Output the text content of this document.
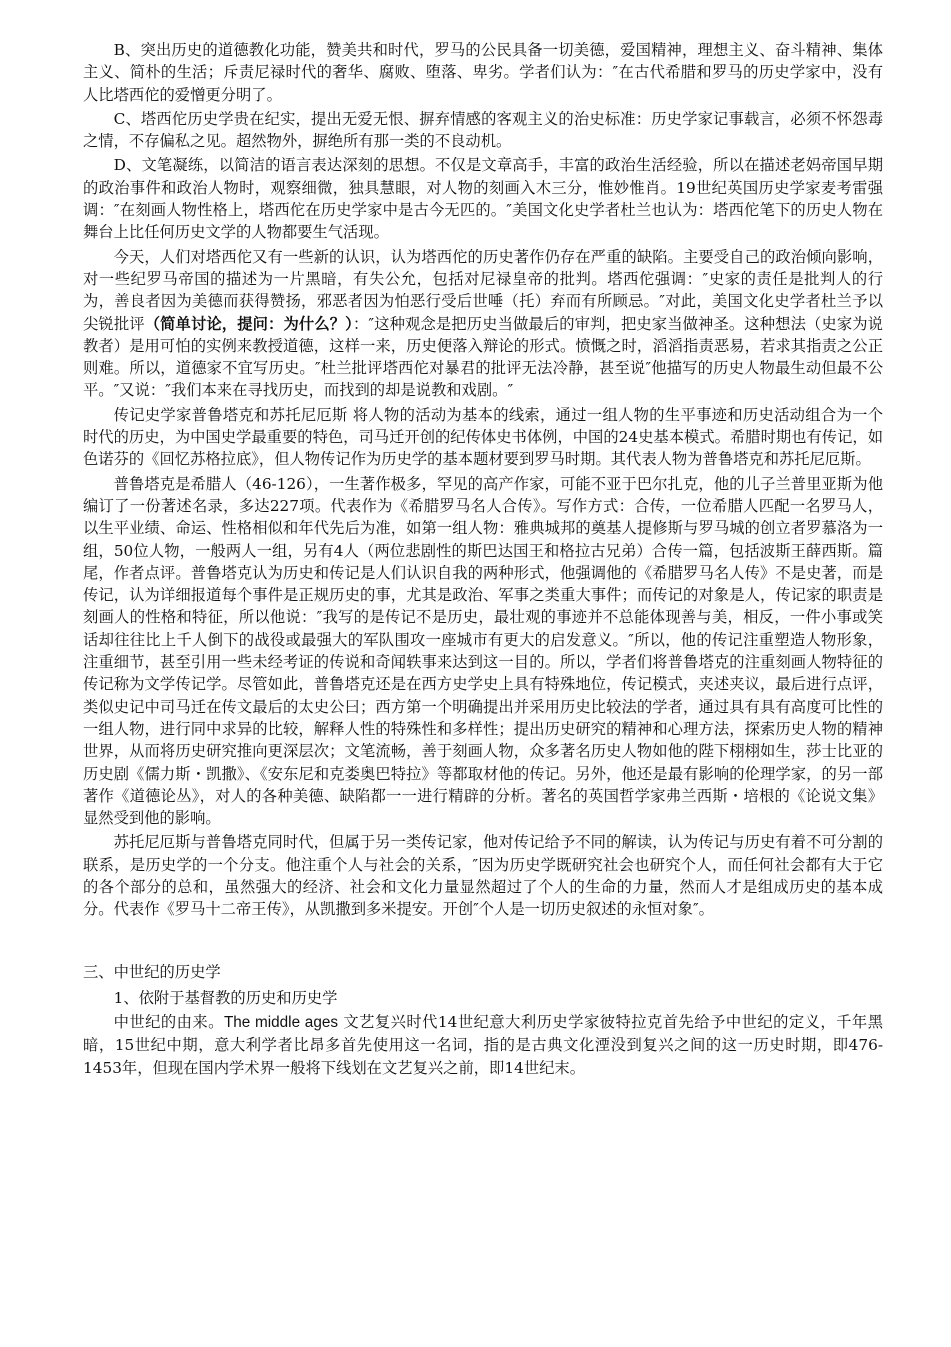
B、突出历史的道德教化功能，赞美共和时代，罗马的公民具备一切美德，爱国精神，理想主义、奋斗精神、集体主义、简朴的生活；斥责尼禄时代的奢华、腐败、堕落、卑劣。学者们认为：″在古代希腊和罗马的历史学家中，没有人比塔西佗的爱憎更分明了。

C、塔西佗历史学贵在纪实，提出无爱无恨、摒弃情感的客观主义的治史标准：历史学家记事载言，必须不怀怨毒之情，不存偏私之见。超然物外，摒绝所有那一类的不良动机。

D、文笔凝练，以简洁的语言表达深刻的思想。不仅是文章高手，丰富的政治生活经验，所以在描述老妈帝国早期的政治事件和政治人物时，观察细微，独具慧眼，对人物的刻画入木三分，惟妙惟肖。19世纪英国历史学家麦考雷强调：″在刻画人物性格上，塔西佗在历史学家中是古今无匹的。″美国文化史学者杜兰也认为：塔西佗笔下的历史人物在舞台上比任何历史文学的人物都要生气活现。

今天，人们对塔西佗又有一些新的认识，认为塔西佗的历史著作仍存在严重的缺陷。主要受自己的政治倾向影响，对一些纪罗马帝国的描述为一片黑暗，有失公允，包括对尼禄皇帝的批判。塔西佗强调：″史家的责任是批判人的行为，善良者因为美德而获得赞扬，邪恶者因为怕恶行受后世唾（托）弃而有所顾忌。″对此，美国文化史学者杜兰予以尖锐批评（简单讨论，提问：为什么？）：″这种观念是把历史当做最后的审判，把史家当做神圣。这种想法（史家为说教者）是用可怕的实例来教授道德，这样一来，历史便落入辩论的形式。愤慨之时，滔滔指责恶易，若求其指责之公正则难。所以，道德家不宜写历史。″杜兰批评塔西佗对暴君的批评无法冷静，甚至说″他描写的历史人物最生动但最不公平。″又说：″我们本来在寻找历史，而找到的却是说教和戏剧。″

传记史学家普鲁塔克和苏托尼厄斯 将人物的活动为基本的线索，通过一组人物的生平事迹和历史活动组合为一个时代的历史，为中国史学最重要的特色，司马迁开创的纪传体史书体例，中国的24史基本模式。希腊时期也有传记，如色诺芬的《回忆苏格拉底》，但人物传记作为历史学的基本题材要到罗马时期。其代表人物为普鲁塔克和苏托尼厄斯。

普鲁塔克是希腊人（46-126），一生著作极多，罕见的高产作家，可能不亚于巴尔扎克，他的儿子兰普里亚斯为他编订了一份著述名录，多达227项。代表作为《希腊罗马名人合传》。写作方式：合传，一位希腊人匹配一名罗马人，以生平业绩、命运、性格相似和年代先后为准，如第一组人物：雅典城邦的奠基人提修斯与罗马城的创立者罗慕洛为一组，50位人物，一般两人一组，另有4人（两位悲剧性的斯巴达国王和格拉古兄弟）合传一篇，包括波斯王薛西斯。篇尾，作者点评。普鲁塔克认为历史和传记是人们认识自我的两种形式，他强调他的《希腊罗马名人传》不是史著，而是传记，认为详细报道每个事件是正规历史的事，尤其是政治、军事之类重大事件；而传记的对象是人，传记家的职责是刻画人的性格和特征，所以他说：″我写的是传记不是历史，最壮观的事迹并不总能体现善与美，相反，一件小事或笑话却往往比上千人倒下的战役或最强大的军队围攻一座城市有更大的启发意义。″所以，他的传记注重塑造人物形象，注重细节，甚至引用一些未经考证的传说和奇闻轶事来达到这一目的。所以，学者们将普鲁塔克的注重刻画人物特征的传记称为文学传记学。尽管如此，普鲁塔克还是在西方史学史上具有特殊地位，传记模式，夹述夹议，最后进行点评，类似史记中司马迁在传文最后的太史公曰；西方第一个明确提出并采用历史比较法的学者，通过具有具有高度可比性的一组人物，进行同中求异的比较，解释人性的特殊性和多样性；提出历史研究的精神和心理方法，探索历史人物的精神世界，从而将历史研究推向更深层次；文笔流畅，善于刻画人物，众多著名历史人物如他的陛下栩栩如生，莎士比亚的历史剧《儒力斯・凯撒》、《安东尼和克娄奥巴特拉》等都取材他的传记。另外，他还是最有影响的伦理学家，的另一部著作《道德论丛》，对人的各种美德、缺陷都一一进行精辟的分析。著名的英国哲学家弗兰西斯・培根的《论说文集》显然受到他的影响。

苏托尼厄斯与普鲁塔克同时代，但属于另一类传记家，他对传记给予不同的解读，认为传记与历史有着不可分割的联系，是历史学的一个分支。他注重个人与社会的关系，″因为历史学既研究社会也研究个人，而任何社会都有大于它的各个部分的总和，虽然强大的经济、社会和文化力量显然超过了个人的生命的力量，然而人才是组成历史的基本成分。代表作《罗马十二帝王传》，从凯撒到多米提安。开创″个人是一切历史叙述的永恒对象″。

三、中世纪的历史学

1、依附于基督教的历史和历史学

中世纪的由来。The middle ages 文艺复兴时代14世纪意大利历史学家彼特拉克首先给予中世纪的定义，千年黑暗，15世纪中期，意大利学者比昂多首先使用这一名词，指的是古典文化湮没到复兴之间的这一历史时期，即476-1453年，但现在国内学术界一般将下线划在文艺复兴之前，即14世纪末。
